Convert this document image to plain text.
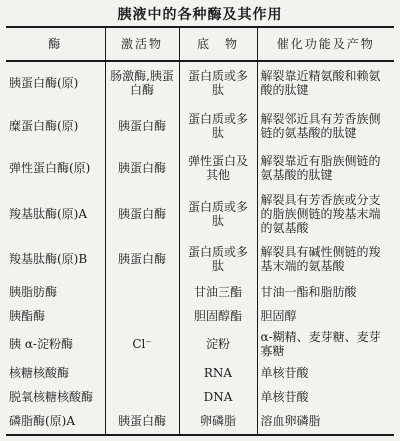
胰液中的各种酶及其作用
酶	激活物	底　物	催化功能及产物
胰蛋白酶(原)	肠激酶,胰蛋白酶	蛋白质或多肽	解裂靠近精氨酸和赖氨酸的肽键
糜蛋白酶(原)	胰蛋白酶	蛋白质或多肽	解裂邻近具有芳香族侧链的氨基酸的肽键
弹性蛋白酶(原)	胰蛋白酶	弹性蛋白及其他	解裂靠近有脂族侧链的氨基酸的肽键
羧基肽酶(原)A	胰蛋白酶	蛋白质或多肽	解裂具有芳香族或分支的脂族侧链的羧基末端的氨基酸
羧基肽酶(原)B	胰蛋白酶	蛋白质或多肽	解裂具有碱性侧链的羧基末端的氨基酸
胰脂肪酶		甘油三酯	甘油一酯和脂肪酸
胰酯酶		胆固醇酯	胆固醇
胰 α-淀粉酶	Cl⁻	淀粉	α-糊精、麦芽糖、麦芽寡糖
核糖核酸酶		RNA	单核苷酸
脱氧核糖核酸酶		DNA	单核苷酸
磷脂酶(原)A	胰蛋白酶	卵磷脂	溶血卵磷脂
